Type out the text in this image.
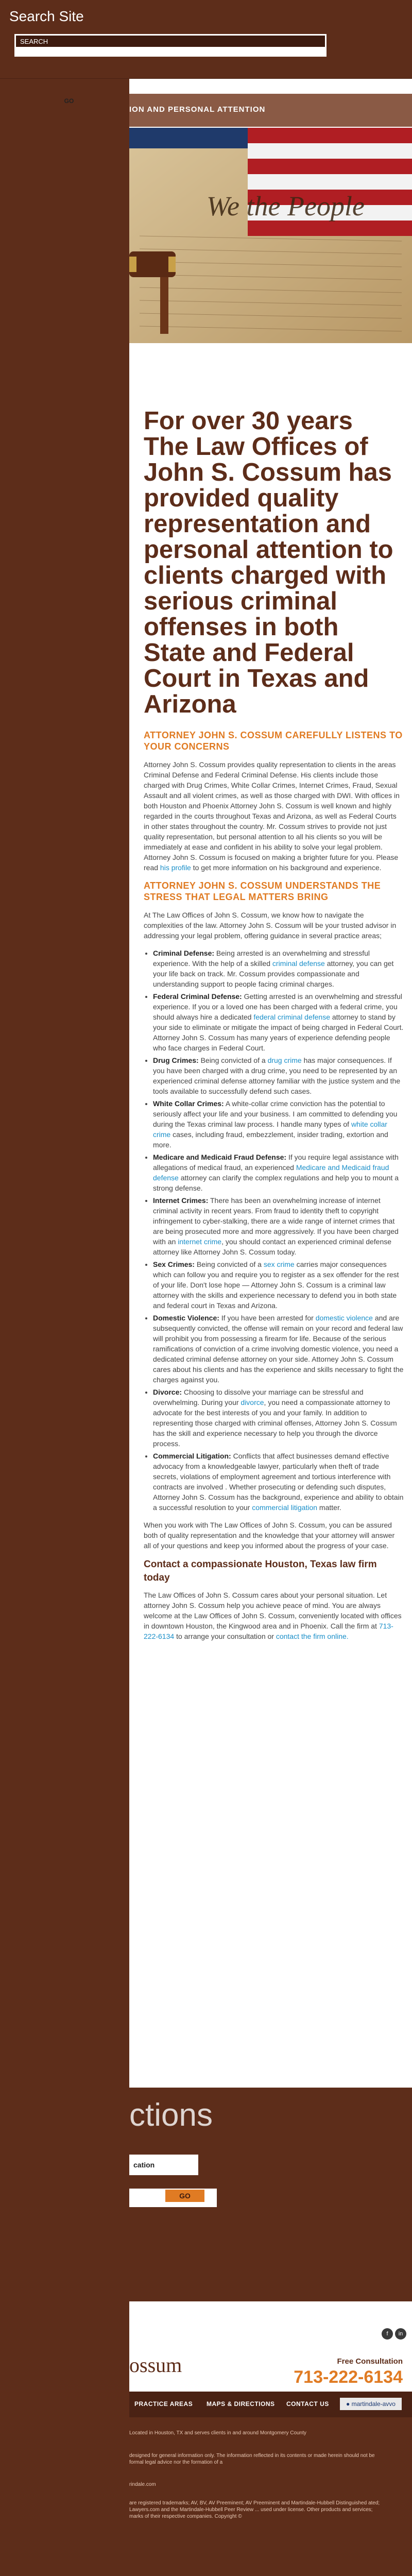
Search Site
SEARCH
GO
ION AND PERSONAL ATTENTION
We the People
For over 30 years The Law Offices of John S. Cossum has provided quality representation and personal attention to clients charged with serious criminal offenses in both State and Federal Court in Texas and Arizona
ATTORNEY JOHN S. COSSUM CAREFULLY LISTENS TO YOUR CONCERNS

Attorney John S. Cossum provides quality representation to clients in the areas Criminal Defense and Federal Criminal Defense. His clients include those charged with Drug Crimes, White Collar Crimes, Internet Crimes, Fraud, Sexual Assault and all violent crimes, as well as those charged with DWI. With offices in both Houston and Phoenix Attorney John S. Cossum is well known and highly regarded in the courts throughout Texas and Arizona, as well as Federal Courts in other states throughout the country. Mr. Cossum strives to provide not just quality representation, but personal attention to all his clients so you will be immediately at ease and confident in his ability to solve your legal problem. Attorney John S. Cossum is focused on making a brighter future for you. Please read his profile to get more information on his background and experience.

ATTORNEY JOHN S. COSSUM UNDERSTANDS THE STRESS THAT LEGAL MATTERS BRING

At The Law Offices of John S. Cossum, we know how to navigate the complexities of the law. Attorney John S. Cossum will be your trusted advisor in addressing your legal problem, offering guidance in several practice areas;

• Criminal Defense: Being arrested is an overwhelming and stressful experience. With the help of a skilled criminal defense attorney, you can get your life back on track. Mr. Cossum provides compassionate and understanding support to people facing criminal charges.
• Federal Criminal Defense: Getting arrested is an overwhelming and stressful experience. If you or a loved one has been charged with a federal crime, you should always hire a dedicated federal criminal defense attorney to stand by your side to eliminate or mitigate the impact of being charged in Federal Court. Attorney John S. Cossum has many years of experience defending people who face charges in Federal Court.
• Drug Crimes: Being convicted of a drug crime has major consequences. If you have been charged with a drug crime, you need to be represented by an experienced criminal defense attorney familiar with the justice system and the tools available to successfully defend such cases.
• White Collar Crimes: A white-collar crime conviction has the potential to seriously affect your life and your business. I am committed to defending you during the Texas criminal law process. I handle many types of white collar crime cases, including fraud, embezzlement, insider trading, extortion and more.
• Medicare and Medicaid Fraud Defense: If you require legal assistance with allegations of medical fraud, an experienced Medicare and Medicaid fraud defense attorney can clarify the complex regulations and help you to mount a strong defense.
• Internet Crimes: There has been an overwhelming increase of internet criminal activity in recent years. From fraud to identity theft to copyright infringement to cyber-stalking, there are a wide range of internet crimes that are being prosecuted more and more aggressively. If you have been charged with an internet crime, you should contact an experienced criminal defense attorney like Attorney John S. Cossum today.
• Sex Crimes: Being convicted of a sex crime carries major consequences which can follow you and require you to register as a sex offender for the rest of your life. Don't lose hope — Attorney John S. Cossum is a criminal law attorney with the skills and experience necessary to defend you in both state and federal court in Texas and Arizona.
• Domestic Violence: If you have been arrested for domestic violence and are subsequently convicted, the offense will remain on your record and federal law will prohibit you from possessing a firearm for life. Because of the serious ramifications of conviction of a crime involving domestic violence, you need a dedicated criminal defense attorney on your side. Attorney John S. Cossum cares about his clients and has the experience and skills necessary to fight the charges against you.
• Divorce: Choosing to dissolve your marriage can be stressful and overwhelming. During your divorce, you need a compassionate attorney to advocate for the best interests of you and your family. In addition to representing those charged with criminal offenses, Attorney John S. Cossum has the skill and experience necessary to help you through the divorce process.
• Commercial Litigation: Conflicts that affect businesses demand effective advocacy from a knowledgeable lawyer, particularly when theft of trade secrets, violations of employment agreement and tortious interference with contracts are involved . Whether prosecuting or defending such disputes, Attorney John S. Cossum has the background, experience and ability to obtain a successful resolution to your commercial litigation matter.

When you work with The Law Offices of John S. Cossum, you can be assured both of quality representation and the knowledge that your attorney will answer all of your questions and keep you informed about the progress of your case.

Contact a compassionate Houston, Texas law firm today

The Law Offices of John S. Cossum cares about your personal situation. Let attorney John S. Cossum help you achieve peace of mind. You are always welcome at the Law Offices of John S. Cossum, conveniently located with offices in downtown Houston, the Kingwood area and in Phoenix. Call the firm at 713-222-6134 to arrange your consultation or contact the firm online.

ctions
cation
GO
ossum
f	in
Free Consultation
713-222-6134
PRACTICE AREAS MAPS & DIRECTIONS CONTACT US	● martindale-avvo
Located in Houston, TX and serves clients in and around Montgomery County
designed for general information only. The information reflected in its contents or made herein should not be formal legal advice nor the formation of a
rindale.com
are registered trademarks; AV, BV, AV Preeminent; AV Preeminent and Martindale-Hubbell Distinguished ated; Lawyers.com and the Martindale-Hubbell Peer Review ... used under license. Other products and services; marks of their respective companies. Copyright ©
